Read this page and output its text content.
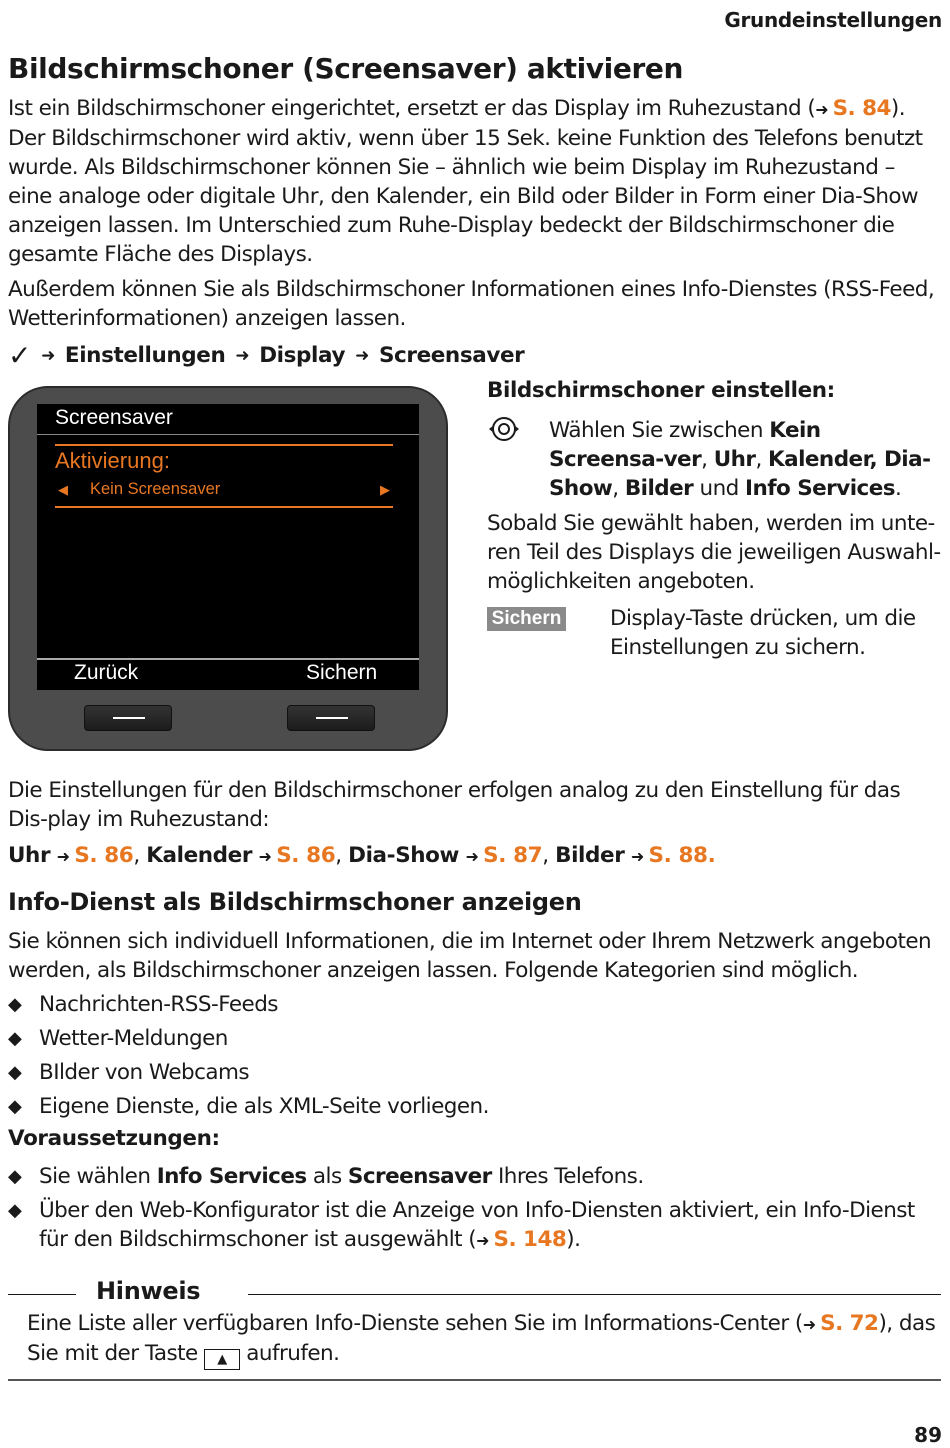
Grundeinstellungen
Bildschirmschoner (Screensaver) aktivieren
Ist ein Bildschirmschoner eingerichtet, ersetzt er das Display im Ruhezustand (➜ S. 84). Der Bildschirmschoner wird aktiv, wenn über 15 Sek. keine Funktion des Telefons benutzt wurde. Als Bildschirmschoner können Sie – ähnlich wie beim Display im Ruhezustand – eine analoge oder digitale Uhr, den Kalender, ein Bild oder Bilder in Form einer Dia-Show anzeigen lassen. Im Unterschied zum Ruhe-Display bedeckt der Bildschirmschoner die gesamte Fläche des Displays.
Außerdem können Sie als Bildschirmschoner Informationen eines Info-Dienstes (RSS-Feed, Wetterinformationen) anzeigen lassen.
✓ ➜ Einstellungen ➜ Display ➜ Screensaver
Screensaver
Aktivierung:
◀ Kein Screensaver	▶
Zurück	Sichern
Bildschirmschoner einstellen:
Wählen Sie zwischen Kein Screensa-ver, Uhr, Kalender, Dia-Show, Bilder und Info Services.
Sobald Sie gewählt haben, werden im unte-ren Teil des Displays die jeweiligen Auswahl-möglichkeiten angeboten.
Sichern Display-Taste drücken, um die Einstellungen zu sichern.
Die Einstellungen für den Bildschirmschoner erfolgen analog zu den Einstellung für das Dis-play im Ruhezustand:
Uhr ➜ S. 86, Kalender ➜ S. 86, Dia-Show ➜ S. 87, Bilder ➜ S. 88.
Info-Dienst als Bildschirmschoner anzeigen
Sie können sich individuell Informationen, die im Internet oder Ihrem Netzwerk angeboten werden, als Bildschirmschoner anzeigen lassen. Folgende Kategorien sind möglich.
◆ Nachrichten-RSS-Feeds
◆ Wetter-Meldungen
◆ BIlder von Webcams
◆ Eigene Dienste, die als XML-Seite vorliegen.
Voraussetzungen:
◆ Sie wählen Info Services als Screensaver Ihres Telefons.
◆ Über den Web-Konfigurator ist die Anzeige von Info-Diensten aktiviert, ein Info-Dienst für den Bildschirmschoner ist ausgewählt (➜ S. 148).
Hinweis
Eine Liste aller verfügbaren Info-Dienste sehen Sie im Informations-Center (➜ S. 72), das Sie mit der Taste ▲ aufrufen.
89
